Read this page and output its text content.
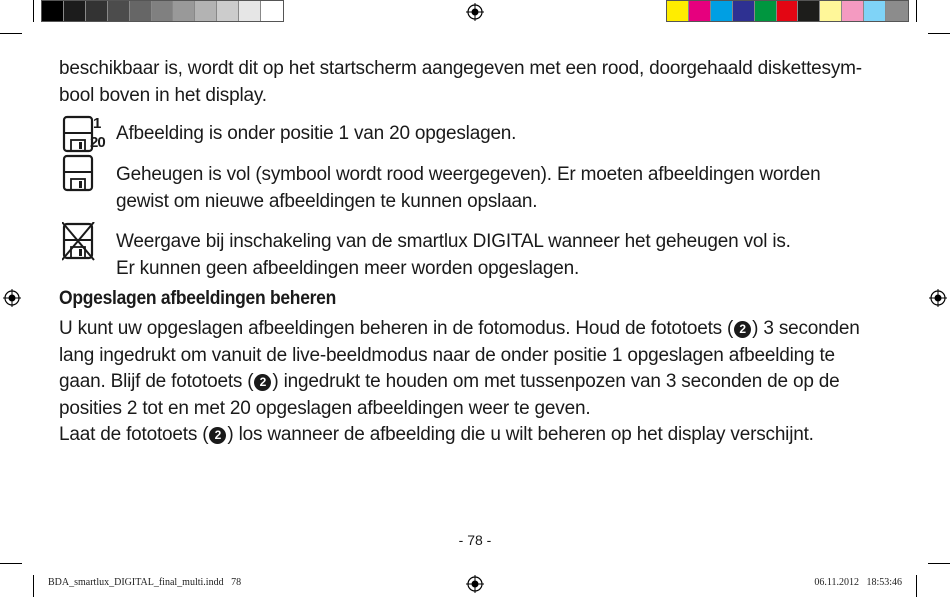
beschikbaar is, wordt dit op het startscherm aangegeven met een rood, doorgehaald diskettesym-
bool boven in het display.
1
20 Afbeelding is onder positie 1 van 20 opgeslagen.
Geheugen is vol (symbool wordt rood weergegeven). Er moeten afbeeldingen worden
gewist om nieuwe afbeeldingen te kunnen opslaan.
Weergave bij inschakeling van de smartlux DIGITAL wanneer het geheugen vol is.
Er kunnen geen afbeeldingen meer worden opgeslagen.
Opgeslagen afbeeldingen beheren
U kunt uw opgeslagen afbeeldingen beheren in de fotomodus. Houd de fototoets ( 2 ) 3 seconden
lang ingedrukt om vanuit de live-beeldmodus naar de onder positie 1 opgeslagen afbeelding te
gaan. Blijf de fototoets ( 2 ) ingedrukt te houden om met tussenpozen van 3 seconden de op de
posities 2 tot en met 20 opgeslagen afbeeldingen weer te geven.
Laat de fototoets ( 2 ) los wanneer de afbeelding die u wilt beheren op het display verschijnt.
- 78 -
BDA_smartlux_DIGITAL_final_multi.indd   78	06.11.2012   18:53:46
